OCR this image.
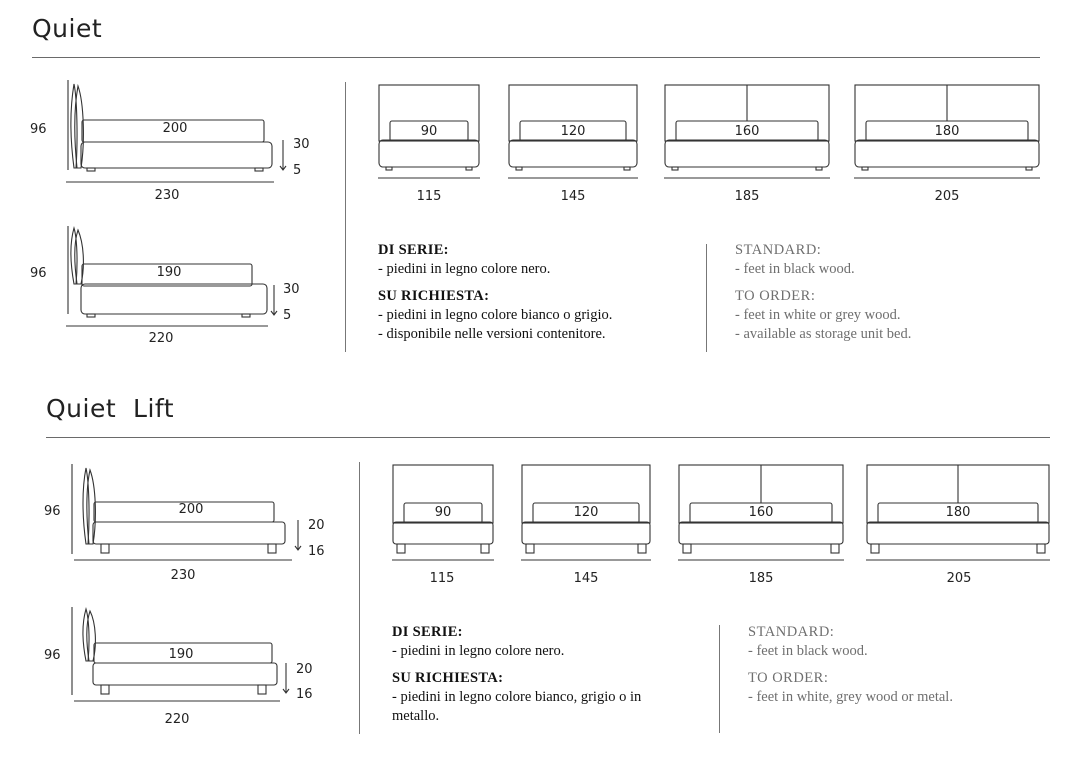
Quiet
96	200
230
30
5
96	190
220
30
5
90	120	160	180
115	145	185	205
DI SERIE:
- piedini in legno colore nero.
SU RICHIESTA:
- piedini in legno colore bianco o grigio.
- disponibile nelle versioni contenitore.
STANDARD:
- feet in black wood.
TO ORDER:
- feet in white or grey wood.
- available as storage unit bed.
Quiet  Lift
96	200
230
20
16
96	190
220
20
16
90	120	160	180
115	145	185	205
DI SERIE:
- piedini in legno colore nero.
SU RICHIESTA:
- piedini in legno colore bianco, grigio o in
metallo.
STANDARD:
- feet in black wood.
TO ORDER:
- feet in white, grey wood or metal.
